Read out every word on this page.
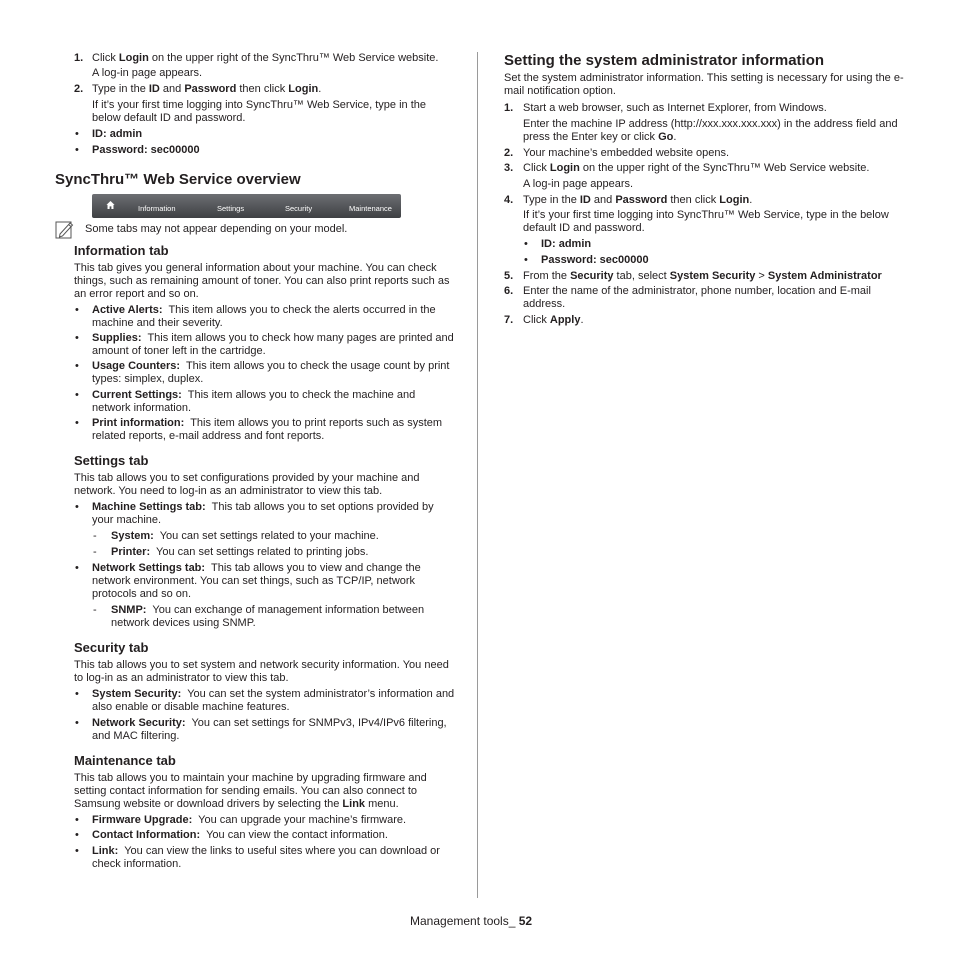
1. Click Login on the upper right of the SyncThru™ Web Service website.

A log-in page appears.

2. Type in the ID and Password then click Login.

If it’s your first time logging into SyncThru™ Web Service, type in the below default ID and password.

• ID: admin
• Password: sec00000

SyncThru™ Web Service overview

Information	Settings	Security	Maintenance
Some tabs may not appear depending on your model.

Information tab

This tab gives you general information about your machine. You can check things, such as remaining amount of toner. You can also print reports such as an error report and so on.

• Active Alerts: This item allows you to check the alerts occurred in the machine and their severity.
• Supplies: This item allows you to check how many pages are printed and amount of toner left in the cartridge.
• Usage Counters: This item allows you to check the usage count by print types: simplex, duplex.
• Current Settings: This item allows you to check the machine and network information.
• Print information: This item allows you to print reports such as system related reports, e-mail address and font reports.

Settings tab

This tab allows you to set configurations provided by your machine and network. You need to log-in as an administrator to view this tab.

• Machine Settings tab: This tab allows you to set options provided by your machine.
- System: You can set settings related to your machine.
- Printer: You can set settings related to printing jobs.
• Network Settings tab: This tab allows you to view and change the network environment. You can set things, such as TCP/IP, network protocols and so on.
- SNMP: You can exchange of management information between network devices using SNMP.

Security tab

This tab allows you to set system and network security information. You need to log-in as an administrator to view this tab.

• System Security: You can set the system administrator’s information and also enable or disable machine features.
• Network Security: You can set settings for SNMPv3, IPv4/IPv6 filtering, and MAC filtering.

Maintenance tab

This tab allows you to maintain your machine by upgrading firmware and setting contact information for sending emails. You can also connect to Samsung website or download drivers by selecting the Link menu.

• Firmware Upgrade: You can upgrade your machine’s firmware.
• Contact Information: You can view the contact information.
• Link: You can view the links to useful sites where you can download or check information.

Setting the system administrator information

Set the system administrator information. This setting is necessary for using the e-mail notification option.

1. Start a web browser, such as Internet Explorer, from Windows.

Enter the machine IP address (http://xxx.xxx.xxx.xxx) in the address field and press the Enter key or click Go.

2. Your machine’s embedded website opens.
3. Click Login on the upper right of the SyncThru™ Web Service website.

A log-in page appears.

4. Type in the ID and Password then click Login.

If it’s your first time logging into SyncThru™ Web Service, type in the below default ID and password.

• ID: admin
• Password: sec00000
5. From the Security tab, select System Security > System Administrator
6. Enter the name of the administrator, phone number, location and E-mail address.
7. Click Apply.
Management tools_ 52
